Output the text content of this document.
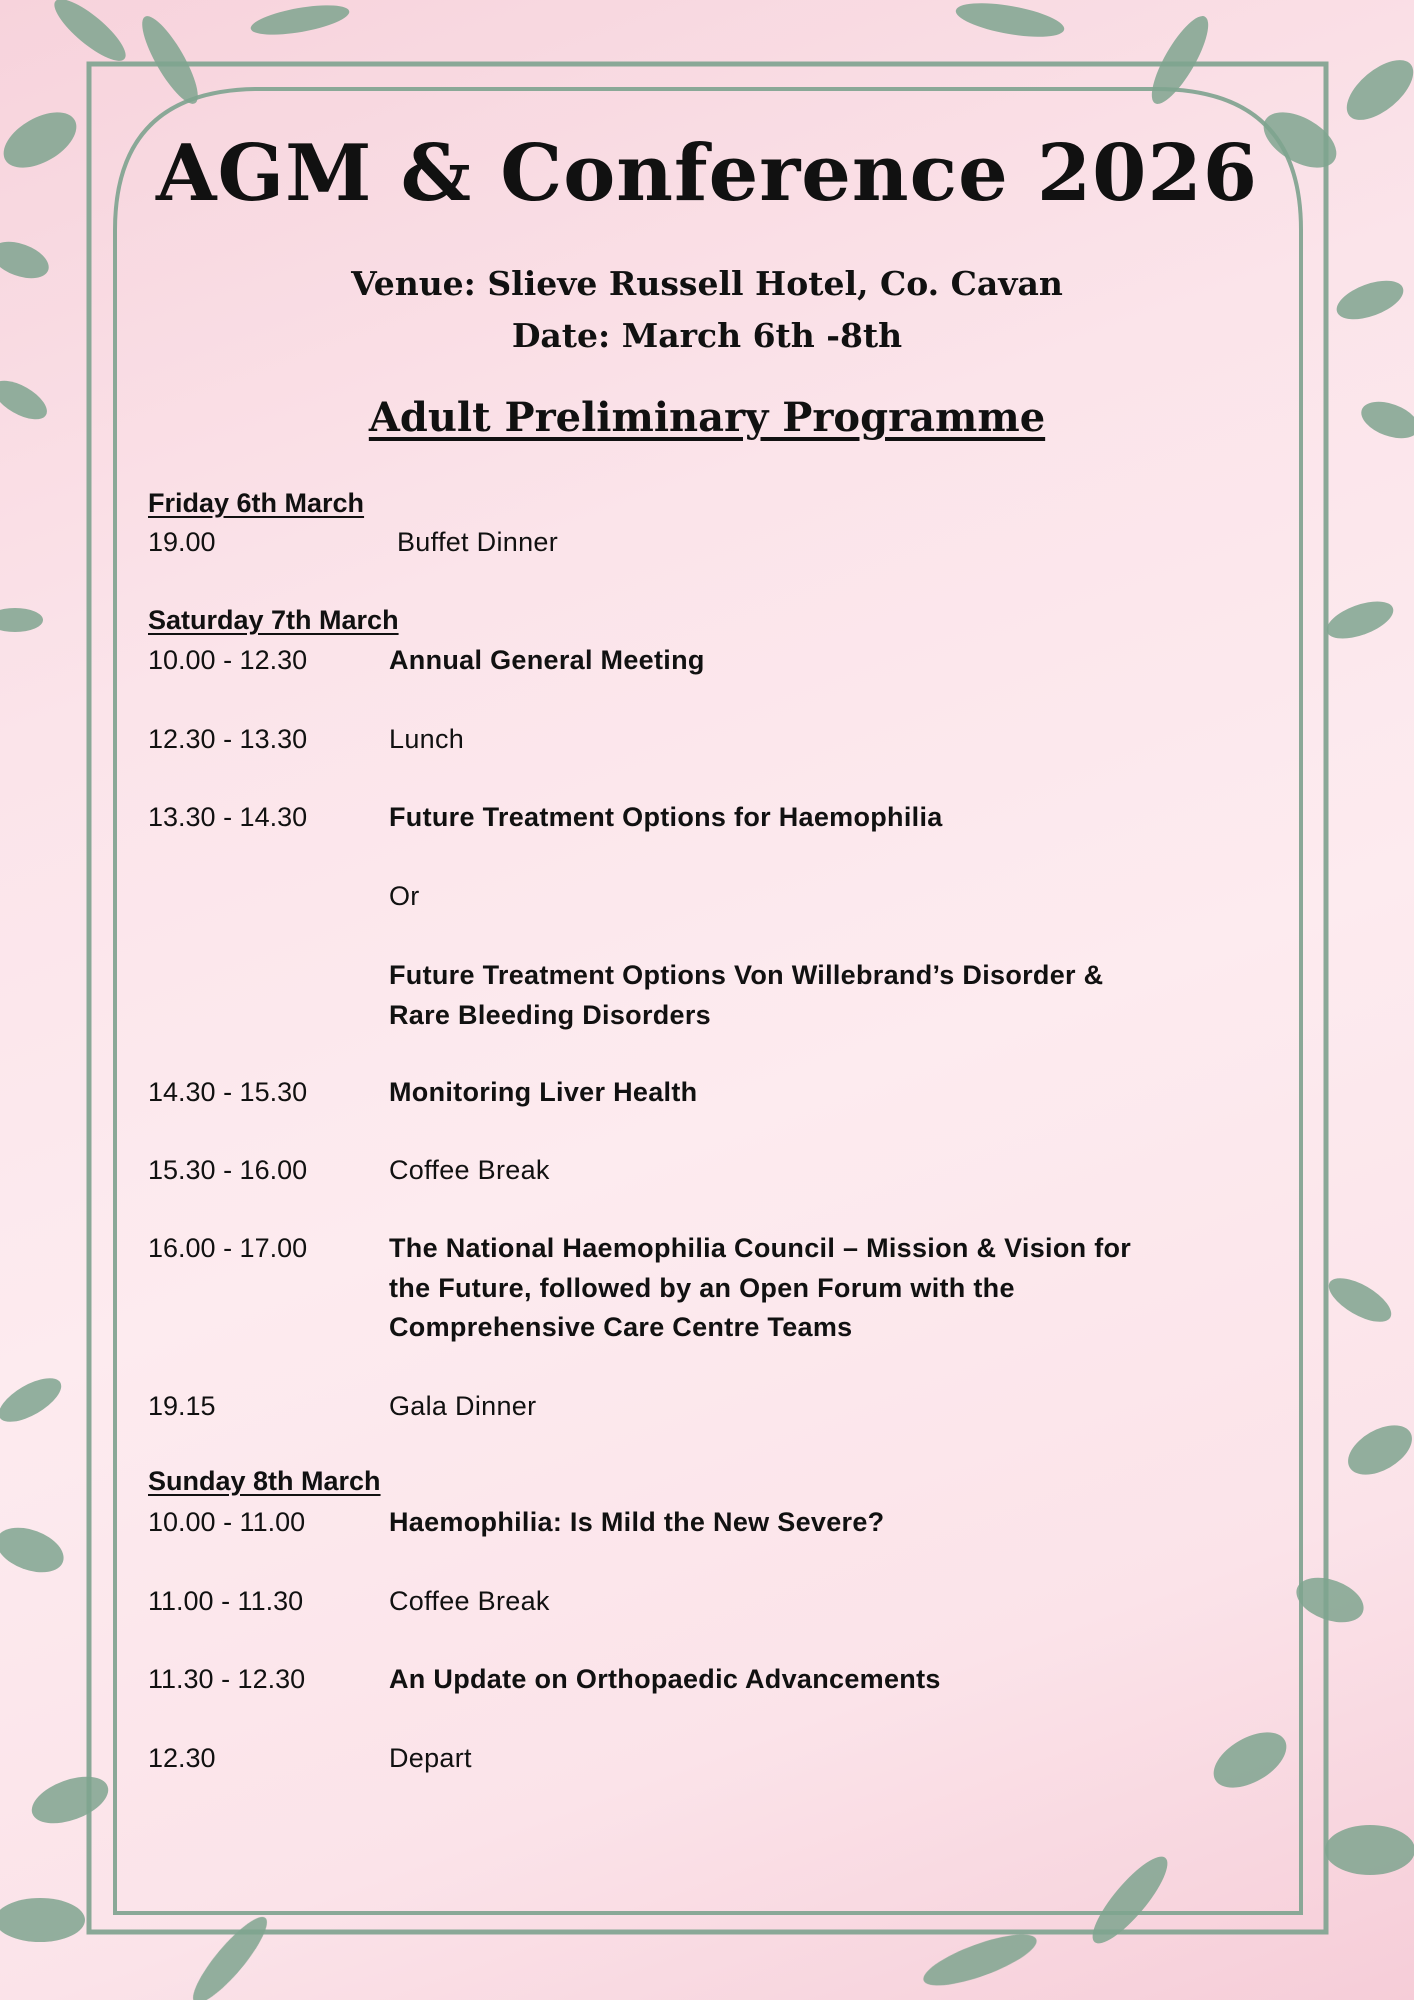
AGM & Conference 2026
Venue: Slieve Russell Hotel, Co. Cavan
Date: March 6th -8th
Adult Preliminary Programme
Friday 6th March
19.00	Buffet Dinner
Saturday 7th March
10.00 - 12.30	Annual General Meeting
12.30 - 13.30	Lunch
13.30 - 14.30	Future Treatment Options for Haemophilia
Or
Future Treatment Options Von Willebrand’s Disorder &
Rare Bleeding Disorders
14.30 - 15.30	Monitoring Liver Health
15.30 - 16.00	Coffee Break
16.00 - 17.00	The National Haemophilia Council – Mission & Vision for
the Future, followed by an Open Forum with the
Comprehensive Care Centre Teams
19.15	Gala Dinner
Sunday 8th March
10.00 - 11.00	Haemophilia: Is Mild the New Severe?
11.00 - 11.30	Coffee Break
11.30 - 12.30	An Update on Orthopaedic Advancements
12.30	Depart
